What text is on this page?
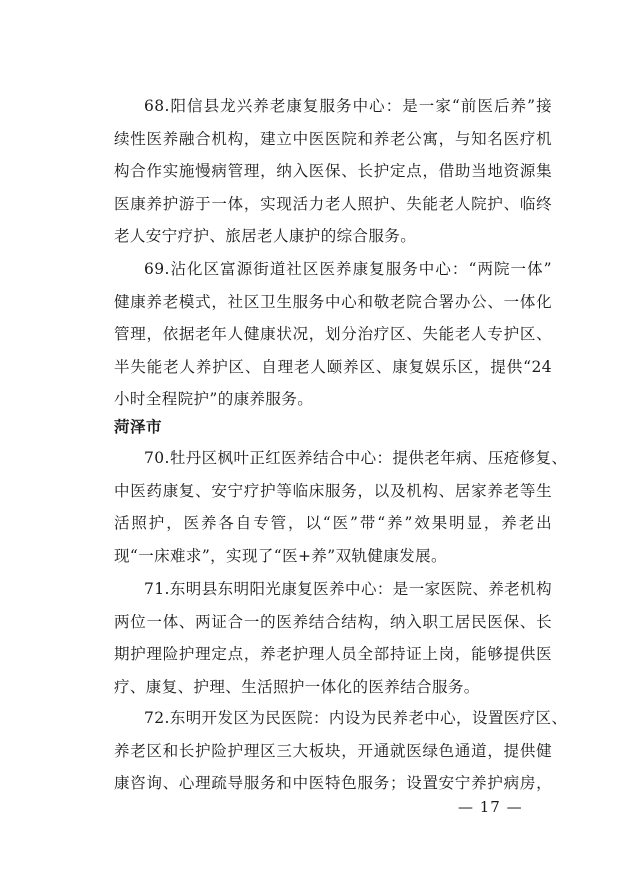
68.阳信县龙兴养老康复服务中心：是一家“前医后养”接
续性医养融合机构，建立中医医院和养老公寓，与知名医疗机
构合作实施慢病管理，纳入医保、长护定点，借助当地资源集
医康养护游于一体，实现活力老人照护、失能老人院护、临终
老人安宁疗护、旅居老人康护的综合服务。
69.沾化区富源街道社区医养康复服务中心：“两院一体”
健康养老模式，社区卫生服务中心和敬老院合署办公、一体化
管理，依据老年人健康状况，划分治疗区、失能老人专护区、
半失能老人养护区、自理老人颐养区、康复娱乐区，提供“24
小时全程院护”的康养服务。
菏泽市
70.牡丹区枫叶正红医养结合中心：提供老年病、压疮修复、
中医药康复、安宁疗护等临床服务，以及机构、居家养老等生
活照护，医养各自专管，以“医”带“养”效果明显，养老出
现“一床难求”，实现了“医+养”双轨健康发展。
71.东明县东明阳光康复医养中心：是一家医院、养老机构
两位一体、两证合一的医养结合结构，纳入职工居民医保、长
期护理险护理定点，养老护理人员全部持证上岗，能够提供医
疗、康复、护理、生活照护一体化的医养结合服务。
72.东明开发区为民医院：内设为民养老中心，设置医疗区、
养老区和长护险护理区三大板块，开通就医绿色通道，提供健
康咨询、心理疏导服务和中医特色服务；设置安宁养护病房，
— 17 —
